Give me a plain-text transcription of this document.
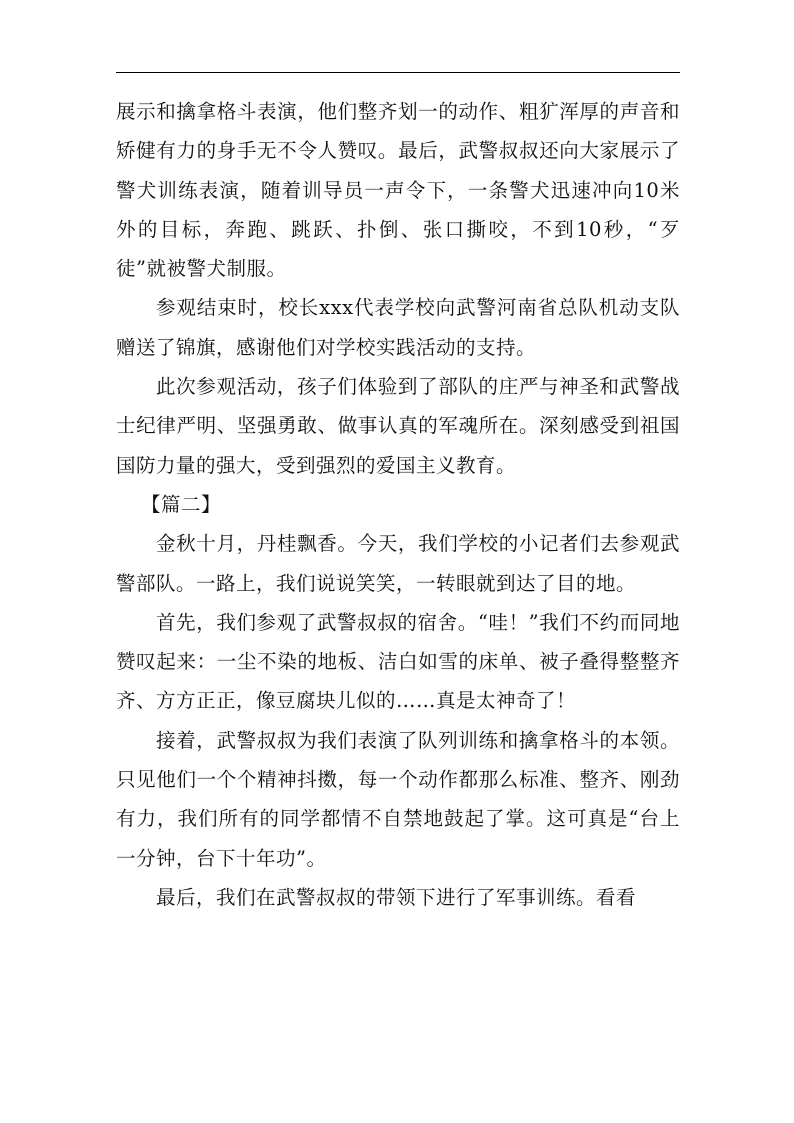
展示和擒拿格斗表演，他们整齐划一的动作、粗犷浑厚的声音和矫健有力的身手无不令人赞叹。最后，武警叔叔还向大家展示了警犬训练表演，随着训导员一声令下，一条警犬迅速冲向10米外的目标，奔跑、跳跃、扑倒、张口撕咬，不到10秒，“歹徒”就被警犬制服。

参观结束时，校长xxx代表学校向武警河南省总队机动支队赠送了锦旗，感谢他们对学校实践活动的支持。

此次参观活动，孩子们体验到了部队的庄严与神圣和武警战士纪律严明、坚强勇敢、做事认真的军魂所在。深刻感受到祖国国防力量的强大，受到强烈的爱国主义教育。

【篇二】

金秋十月，丹桂飘香。今天，我们学校的小记者们去参观武警部队。一路上，我们说说笑笑，一转眼就到达了目的地。

首先，我们参观了武警叔叔的宿舍。“哇！”我们不约而同地赞叹起来：一尘不染的地板、洁白如雪的床单、被子叠得整整齐齐、方方正正，像豆腐块儿似的……真是太神奇了！

接着，武警叔叔为我们表演了队列训练和擒拿格斗的本领。只见他们一个个精神抖擞，每一个动作都那么标准、整齐、刚劲有力，我们所有的同学都情不自禁地鼓起了掌。这可真是“台上一分钟，台下十年功”。

最后，我们在武警叔叔的带领下进行了军事训练。看看
